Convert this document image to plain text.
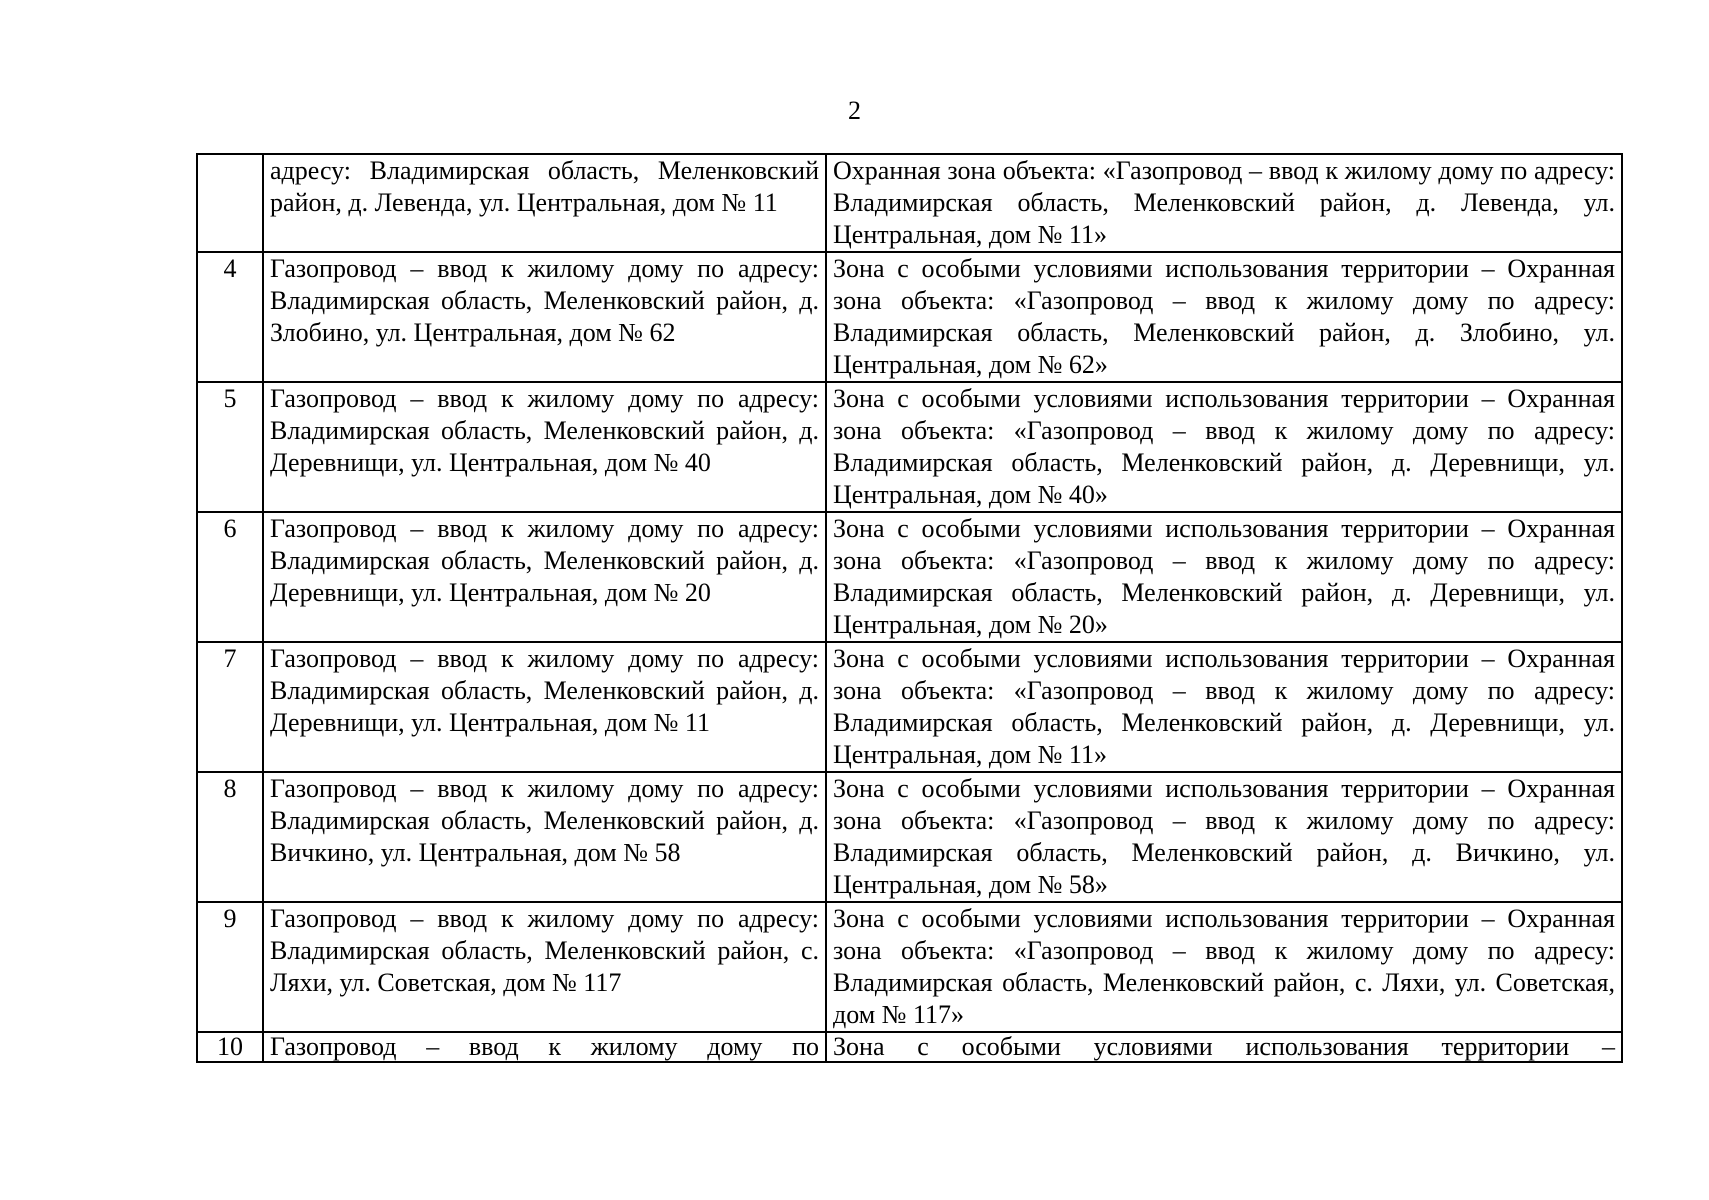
2
	адресу: Владимирская область, Меленковский район, д. Левенда, ул. Центральная, дом № 11	Охранная зона объекта: «Газопровод – ввод к жилому дому по адресу: Владимирская область, Меленковский район, д. Левенда, ул. Центральная, дом № 11»
4	Газопровод – ввод к жилому дому по адресу: Владимирская область, Меленковский район, д. Злобино, ул. Центральная, дом № 62	Зона с особыми условиями использования территории – Охранная зона объекта: «Газопровод – ввод к жилому дому по адресу: Владимирская область, Меленковский район, д. Злобино, ул. Центральная, дом № 62»
5	Газопровод – ввод к жилому дому по адресу: Владимирская область, Меленковский район, д. Деревнищи, ул. Центральная, дом № 40	Зона с особыми условиями использования территории – Охранная зона объекта: «Газопровод – ввод к жилому дому по адресу: Владимирская область, Меленковский район, д. Деревнищи, ул. Центральная, дом № 40»
6	Газопровод – ввод к жилому дому по адресу: Владимирская область, Меленковский район, д. Деревнищи, ул. Центральная, дом № 20	Зона с особыми условиями использования территории – Охранная зона объекта: «Газопровод – ввод к жилому дому по адресу: Владимирская область, Меленковский район, д. Деревнищи, ул. Центральная, дом № 20»
7	Газопровод – ввод к жилому дому по адресу: Владимирская область, Меленковский район, д. Деревнищи, ул. Центральная, дом № 11	Зона с особыми условиями использования территории – Охранная зона объекта: «Газопровод – ввод к жилому дому по адресу: Владимирская область, Меленковский район, д. Деревнищи, ул. Центральная, дом № 11»
8	Газопровод – ввод к жилому дому по адресу: Владимирская область, Меленковский район, д. Вичкино, ул. Центральная, дом № 58	Зона с особыми условиями использования территории – Охранная зона объекта: «Газопровод – ввод к жилому дому по адресу: Владимирская область, Меленковский район, д. Вичкино, ул. Центральная, дом № 58»
9	Газопровод – ввод к жилому дому по адресу: Владимирская область, Меленковский район, с. Ляхи, ул. Советская, дом № 117	Зона с особыми условиями использования территории – Охранная зона объекта: «Газопровод – ввод к жилому дому по адресу: Владимирская область, Меленковский район, с. Ляхи, ул. Советская, дом № 117»
10	Газопровод – ввод к жилому дому по	Зона с особыми условиями использования территории –
